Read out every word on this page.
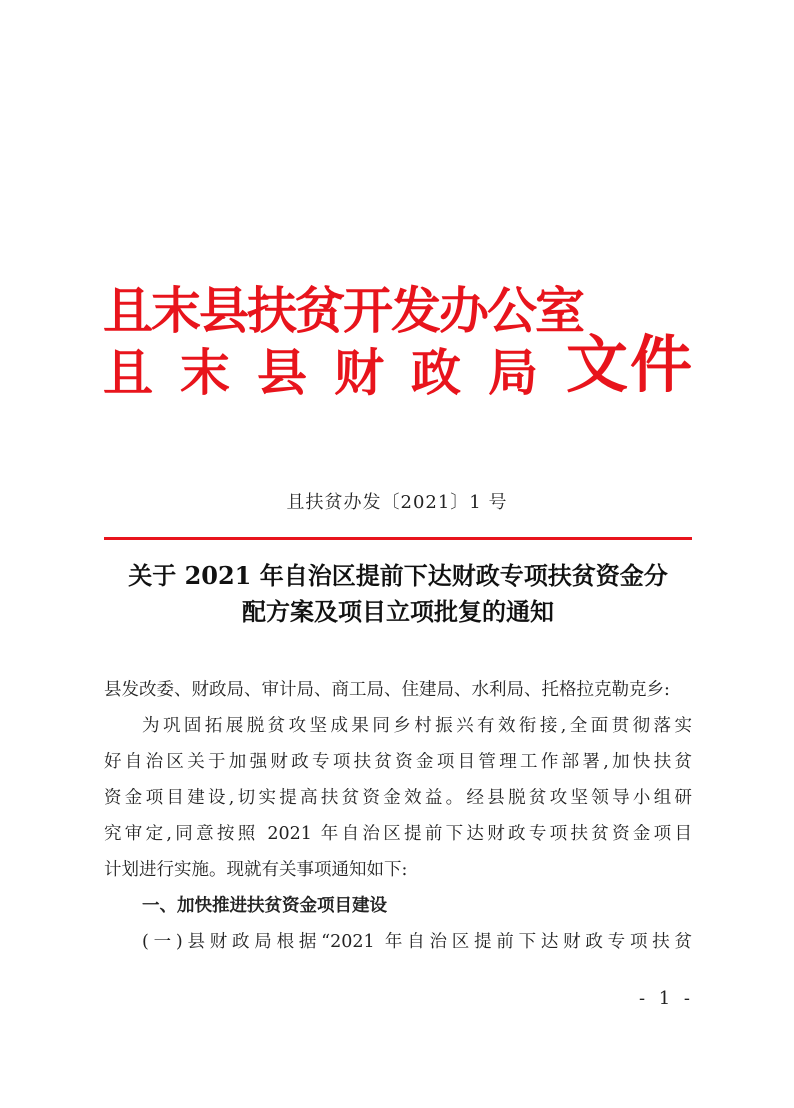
且末县扶贫开发办公室
且末县财政局 文件
且扶贫办发〔2021〕1 号
关于 2021 年自治区提前下达财政专项扶贫资金分
配方案及项目立项批复的通知
县发改委、财政局、审计局、商工局、住建局、水利局、托格拉克勒克乡:
为巩固拓展脱贫攻坚成果同乡村振兴有效衔接,全面贯彻落实
好自治区关于加强财政专项扶贫资金项目管理工作部署,加快扶贫
资金项目建设,切实提高扶贫资金效益。经县脱贫攻坚领导小组研
究审定,同意按照 2021 年自治区提前下达财政专项扶贫资金项目
计划进行实施。现就有关事项通知如下:
一、加快推进扶贫资金项目建设
(一)县财政局根据“2021 年自治区提前下达财政专项扶贫
- 1 -
